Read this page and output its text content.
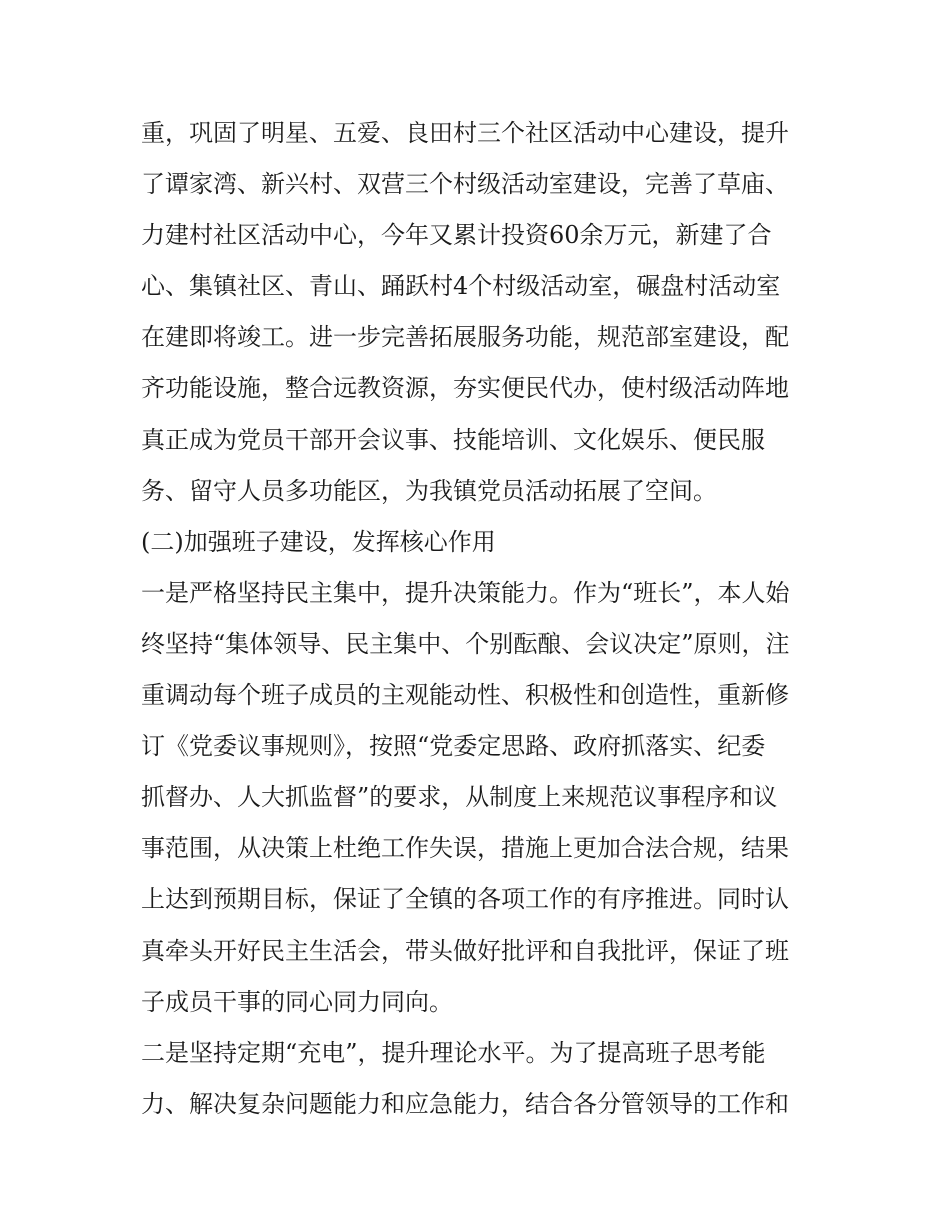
重，巩固了明星、五爱、良田村三个社区活动中心建设，提升
了谭家湾、新兴村、双营三个村级活动室建设，完善了草庙、
力建村社区活动中心，今年又累计投资60余万元，新建了合
心、集镇社区、青山、踊跃村4个村级活动室，碾盘村活动室
在建即将竣工。进一步完善拓展服务功能，规范部室建设，配
齐功能设施，整合远教资源，夯实便民代办，使村级活动阵地
真正成为党员干部开会议事、技能培训、文化娱乐、便民服
务、留守人员多功能区，为我镇党员活动拓展了空间。
(二)加强班子建设，发挥核心作用
一是严格坚持民主集中，提升决策能力。作为“班长”，本人始
终坚持“集体领导、民主集中、个别酝酿、会议决定”原则，注
重调动每个班子成员的主观能动性、积极性和创造性，重新修
订《党委议事规则》，按照“党委定思路、政府抓落实、纪委
抓督办、人大抓监督”的要求，从制度上来规范议事程序和议
事范围，从决策上杜绝工作失误，措施上更加合法合规，结果
上达到预期目标，保证了全镇的各项工作的有序推进。同时认
真牵头开好民主生活会，带头做好批评和自我批评，保证了班
子成员干事的同心同力同向。
二是坚持定期“充电”，提升理论水平。为了提高班子思考能
力、解决复杂问题能力和应急能力，结合各分管领导的工作和
